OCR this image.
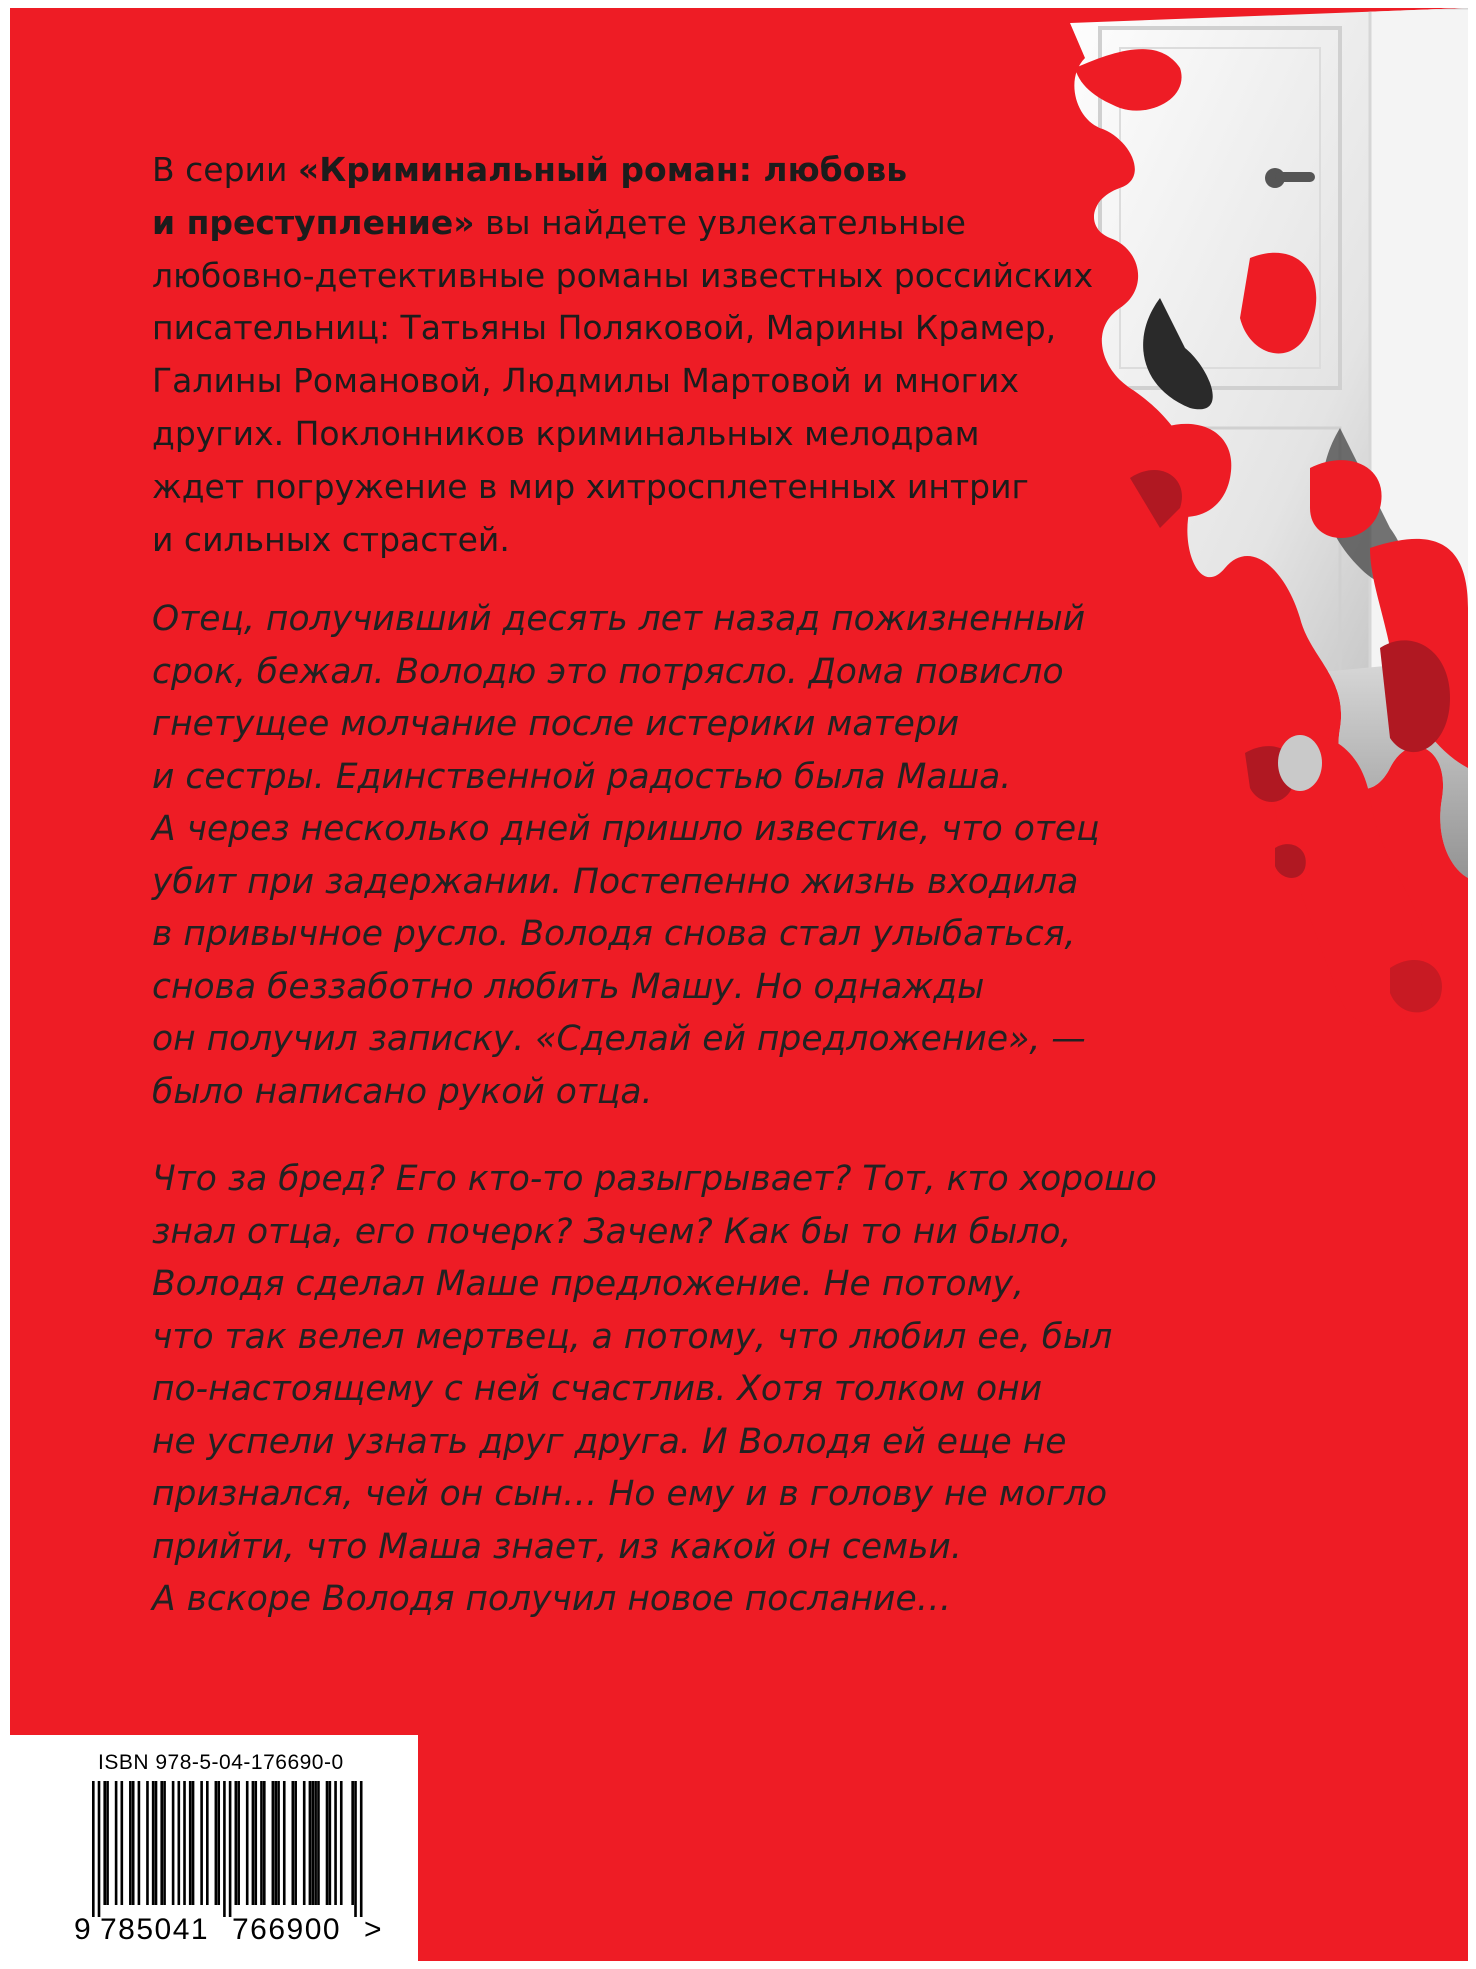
В серии «Криминальный роман: любовь
и преступление» вы найдете увлекательные
любовно-детективные романы известных российских
писательниц: Татьяны Поляковой, Марины Крамер,
Галины Романовой, Людмилы Мартовой и многих
других. Поклонников криминальных мелодрам
ждет погружение в мир хитросплетенных интриг
и сильных страстей.

Отец, получивший десять лет назад пожизненный
срок, бежал. Володю это потрясло. Дома повисло
гнетущее молчание после истерики матери
и сестры. Единственной радостью была Маша.
А через несколько дней пришло известие, что отец
убит при задержании. Постепенно жизнь входила
в привычное русло. Володя снова стал улыбаться,
снова беззаботно любить Машу. Но однажды
он получил записку. «Сделай ей предложение», —
было написано рукой отца.

Что за бред? Его кто-то разыгрывает? Тот, кто хорошо
знал отца, его почерк? Зачем? Как бы то ни было,
Володя сделал Маше предложение. Не потому,
что так велел мертвец, а потому, что любил ее, был
по-настоящему с ней счастлив. Хотя толком они
не успели узнать друг друга. И Володя ей еще не
признался, чей он сын… Но ему и в голову не могло
прийти, что Маша знает, из какой он семьи.
А вскоре Володя получил новое послание…

ISBN 978-5-04-176690-0
9 785041 766900 >
